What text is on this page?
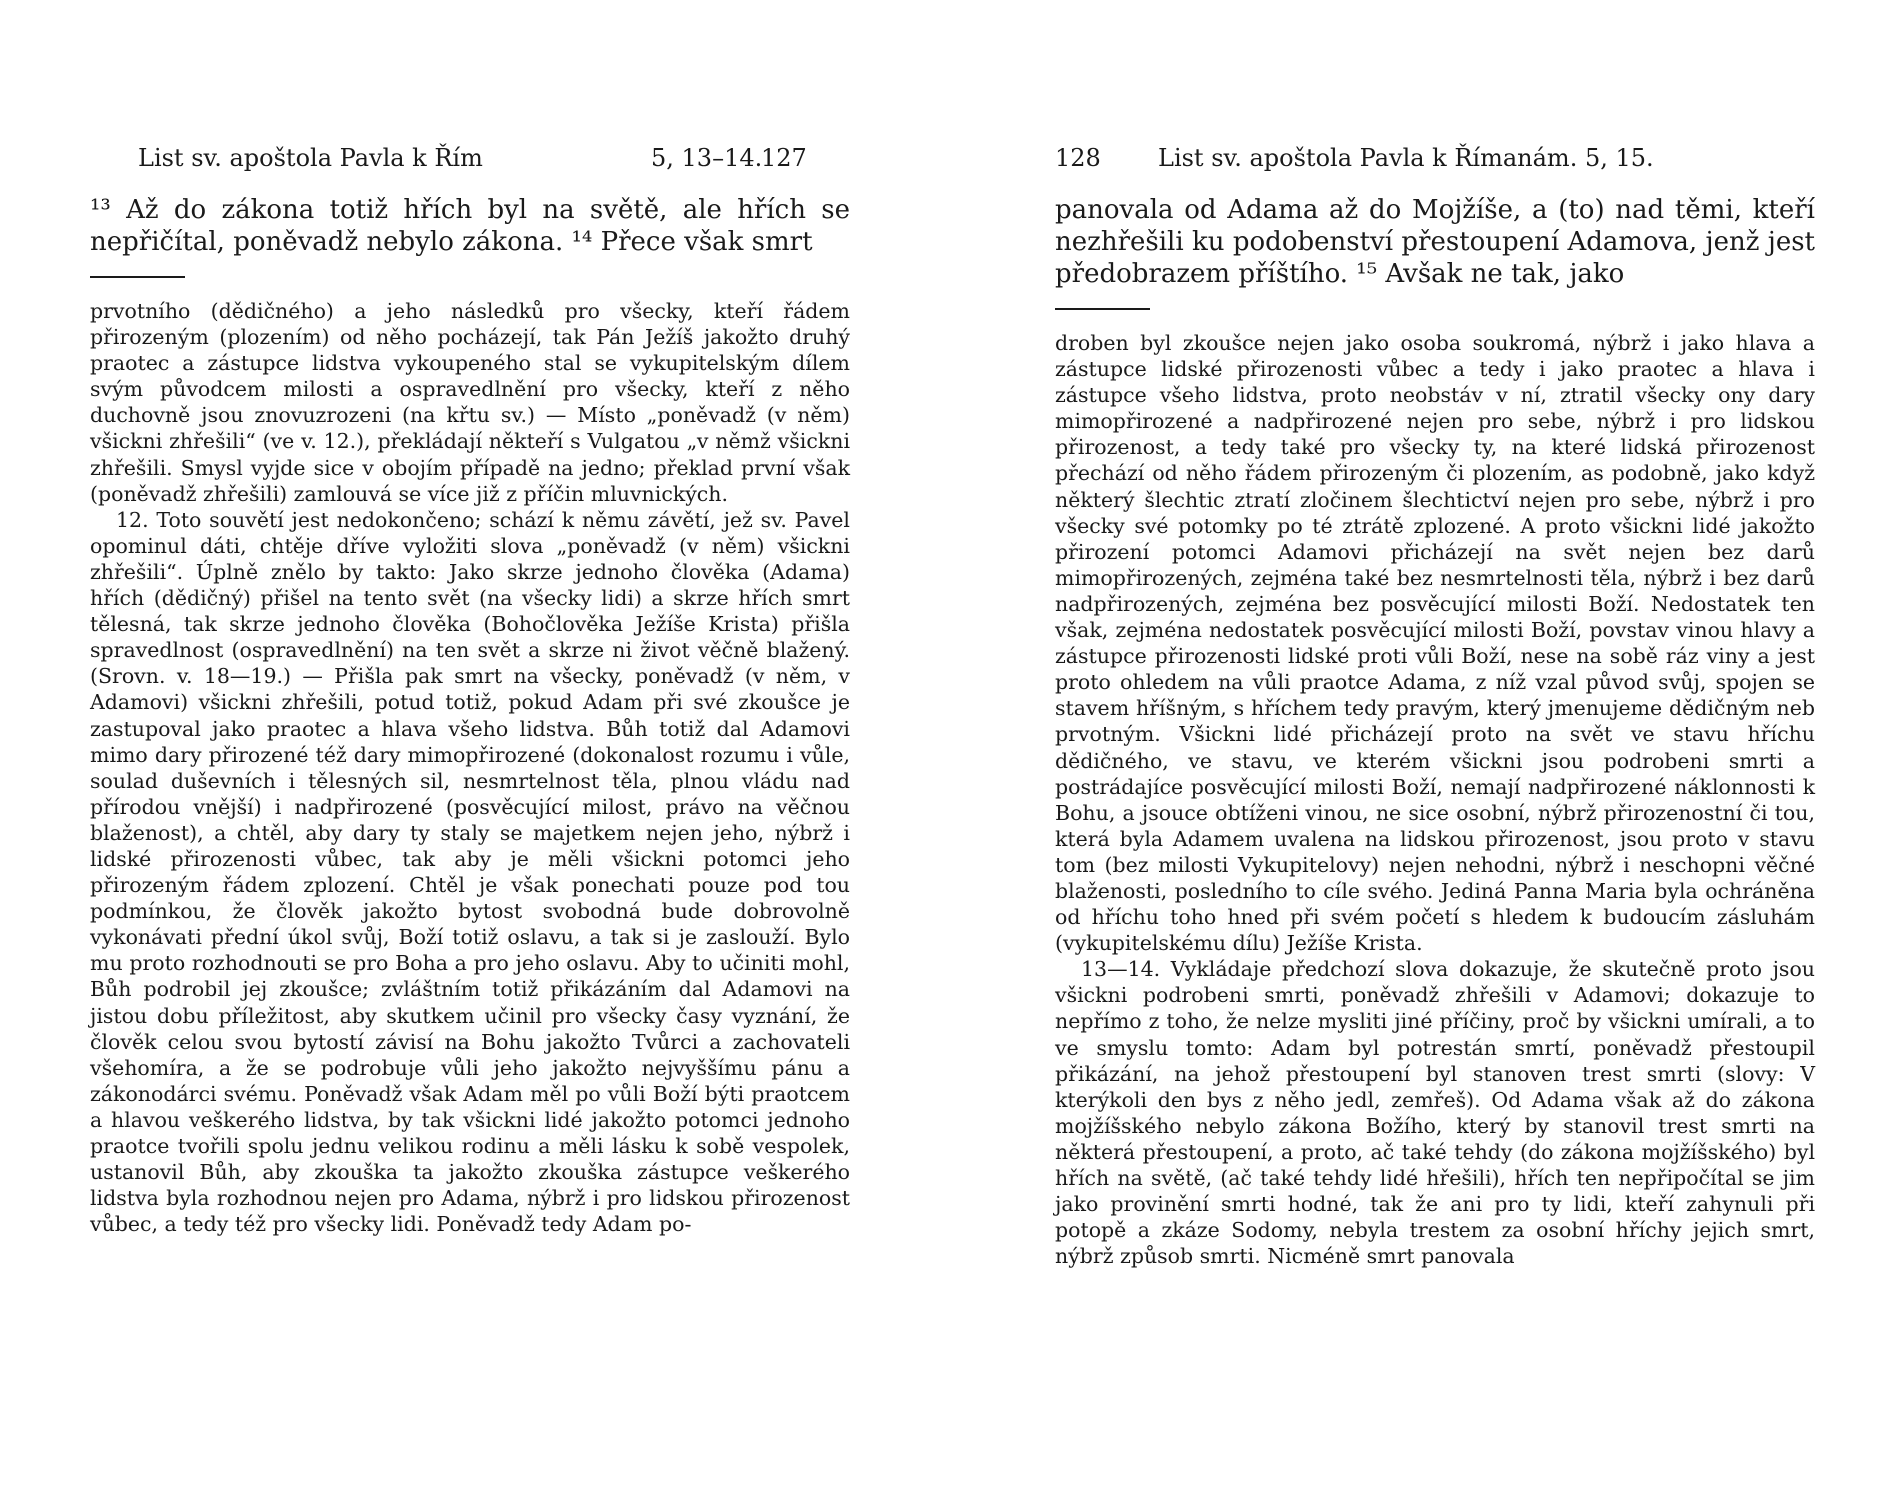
List sv. apoštola Pavla k Řím	5, 13–14.
127

¹³ Až do zákona totiž hřích byl na světě, ale hřích se nepřičítal, poněvadž nebylo zákona. ¹⁴ Přece však smrt

prvotního (dědičného) a jeho následků pro všecky, kteří řádem přirozeným (plozením) od něho pocházejí, tak Pán Ježíš jakožto druhý praotec a zástupce lidstva vykoupeného stal se vykupitelským dílem svým původcem milosti a ospravedlnění pro všecky, kteří z něho duchovně jsou znovuzrozeni (na křtu sv.) — Místo „poněvadž (v něm) všickni zhřešili“ (ve v. 12.), překládají někteří s Vulgatou „v němž všickni zhřešili. Smysl vyjde sice v obojím případě na jedno; překlad první však (poněvadž zhřešili) zamlouvá se více již z příčin mluvnických.

12. Toto souvětí jest nedokončeno; schází k němu závětí, jež sv. Pavel opominul dáti, chtěje dříve vyložiti slova „poněvadž (v něm) všickni zhřešili“. Úplně znělo by takto: Jako skrze jednoho člověka (Adama) hřích (dědičný) přišel na tento svět (na všecky lidi) a skrze hřích smrt tělesná, tak skrze jednoho člověka (Bohočlověka Ježíše Krista) přišla spravedlnost (ospravedlnění) na ten svět a skrze ni život věčně blažený. (Srovn. v. 18—19.) — Přišla pak smrt na všecky, poněvadž (v něm, v Adamovi) všickni zhřešili, potud totiž, pokud Adam při své zkoušce je zastupoval jako praotec a hlava všeho lidstva. Bůh totiž dal Adamovi mimo dary přirozené též dary mimopřirozené (dokonalost rozumu i vůle, soulad duševních i tělesných sil, nesmrtelnost těla, plnou vládu nad přírodou vnější) i nadpřirozené (posvěcující milost, právo na věčnou blaženost), a chtěl, aby dary ty staly se majetkem nejen jeho, nýbrž i lidské přirozenosti vůbec, tak aby je měli všickni potomci jeho přirozeným řádem zplození. Chtěl je však ponechati pouze pod tou podmínkou, že člověk jakožto bytost svobodná bude dobrovolně vykonávati přední úkol svůj, Boží totiž oslavu, a tak si je zaslouží. Bylo mu proto rozhodnouti se pro Boha a pro jeho oslavu. Aby to učiniti mohl, Bůh podrobil jej zkoušce; zvláštním totiž přikázáním dal Adamovi na jistou dobu příležitost, aby skutkem učinil pro všecky časy vyznání, že člověk celou svou bytostí závisí na Bohu jakožto Tvůrci a zachovateli všehomíra, a že se podrobuje vůli jeho jakožto nejvyššímu pánu a zákonodárci svému. Poněvadž však Adam měl po vůli Boží býti praotcem a hlavou veškerého lidstva, by tak všickni lidé jakožto potomci jednoho praotce tvořili spolu jednu velikou rodinu a měli lásku k sobě vespolek, ustanovil Bůh, aby zkouška ta jakožto zkouška zástupce veškerého lidstva byla rozhodnou nejen pro Adama, nýbrž i pro lidskou přirozenost vůbec, a tedy též pro všecky lidi. Poněvadž tedy Adam po-

128 List sv. apoštola Pavla k Římanám. 5, 15.

panovala od Adama až do Mojžíše, a (to) nad těmi, kteří nezhřešili ku podobenství přestoupení Adamova, jenž jest předobrazem příštího. ¹⁵ Avšak ne tak, jako

droben byl zkoušce nejen jako osoba soukromá, nýbrž i jako hlava a zástupce lidské přirozenosti vůbec a tedy i jako praotec a hlava i zástupce všeho lidstva, proto neobstáv v ní, ztratil všecky ony dary mimopřirozené a nadpřirozené nejen pro sebe, nýbrž i pro lidskou přirozenost, a tedy také pro všecky ty, na které lidská přirozenost přechází od něho řádem přirozeným či plozením, as podobně, jako když některý šlechtic ztratí zločinem šlechtictví nejen pro sebe, nýbrž i pro všecky své potomky po té ztrátě zplozené. A proto všickni lidé jakožto přirození potomci Adamovi přicházejí na svět nejen bez darů mimopřirozených, zejména také bez nesmrtelnosti těla, nýbrž i bez darů nadpřirozených, zejména bez posvěcující milosti Boží. Nedostatek ten však, zejména nedostatek posvěcující milosti Boží, povstav vinou hlavy a zástupce přirozenosti lidské proti vůli Boží, nese na sobě ráz viny a jest proto ohledem na vůli praotce Adama, z níž vzal původ svůj, spojen se stavem hříšným, s hříchem tedy pravým, který jmenujeme dědičným neb prvotným. Všickni lidé přicházejí proto na svět ve stavu hříchu dědičného, ve stavu, ve kterém všickni jsou podrobeni smrti a postrádajíce posvěcující milosti Boží, nemají nadpřirozené náklonnosti k Bohu, a jsouce obtíženi vinou, ne sice osobní, nýbrž přirozenostní či tou, která byla Adamem uvalena na lidskou přirozenost, jsou proto v stavu tom (bez milosti Vykupitelovy) nejen nehodni, nýbrž i neschopni věčné blaženosti, posledního to cíle svého. Jediná Panna Maria byla ochráněna od hříchu toho hned při svém početí s hledem k budoucím zásluhám (vykupitelskému dílu) Ježíše Krista.

13—14. Vykládaje předchozí slova dokazuje, že skutečně proto jsou všickni podrobeni smrti, poněvadž zhřešili v Adamovi; dokazuje to nepřímo z toho, že nelze mysliti jiné příčiny, proč by všickni umírali, a to ve smyslu tomto: Adam byl potrestán smrtí, poněvadž přestoupil přikázání, na jehož přestoupení byl stanoven trest smrti (slovy: V kterýkoli den bys z něho jedl, zemřeš). Od Adama však až do zákona mojžíšského nebylo zákona Božího, který by stanovil trest smrti na některá přestoupení, a proto, ač také tehdy (do zákona mojžíšského) byl hřích na světě, (ač také tehdy lidé hřešili), hřích ten nepřipočítal se jim jako provinění smrti hodné, tak že ani pro ty lidi, kteří zahynuli při potopě a zkáze Sodomy, nebyla trestem za osobní hříchy jejich smrt, nýbrž způsob smrti. Nicméně smrt panovala
